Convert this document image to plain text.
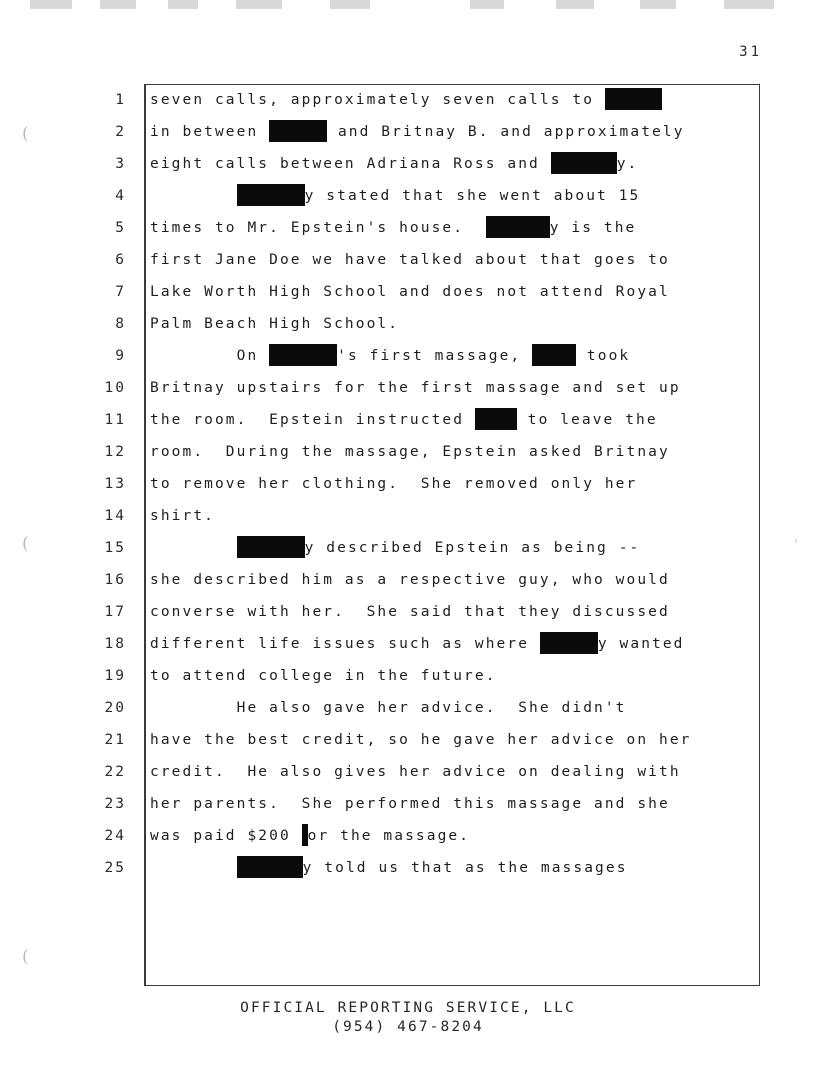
31
(
(
(
'
1 seven calls, approximately seven calls to
2 in between	and Britnay B. and approximately
3 eight calls between Adriana Ross and	y.
4	y stated that she went about 15
5 times to Mr. Epstein's house.	y is the
6 first Jane Doe we have talked about that goes to
7 Lake Worth High School and does not attend Royal
8 Palm Beach High School.
9 On	's first massage,	took
10 Britnay upstairs for the first massage and set up
11 the room.  Epstein instructed	to leave the
12 room.  During the massage, Epstein asked Britnay
13 to remove her clothing.  She removed only her
14 shirt.
15	y described Epstein as being --
16 she described him as a respective guy, who would
17 converse with her.  She said that they discussed
18 different life issues such as where	y wanted
19 to attend college in the future.
20 He also gave her advice.  She didn't
21 have the best credit, so he gave her advice on her
22 credit.  He also gives her advice on dealing with
23 her parents.  She performed this massage and she
24 was paid $200 or the massage.
25	y told us that as the massages
OFFICIAL REPORTING SERVICE, LLC
(954) 467-8204
